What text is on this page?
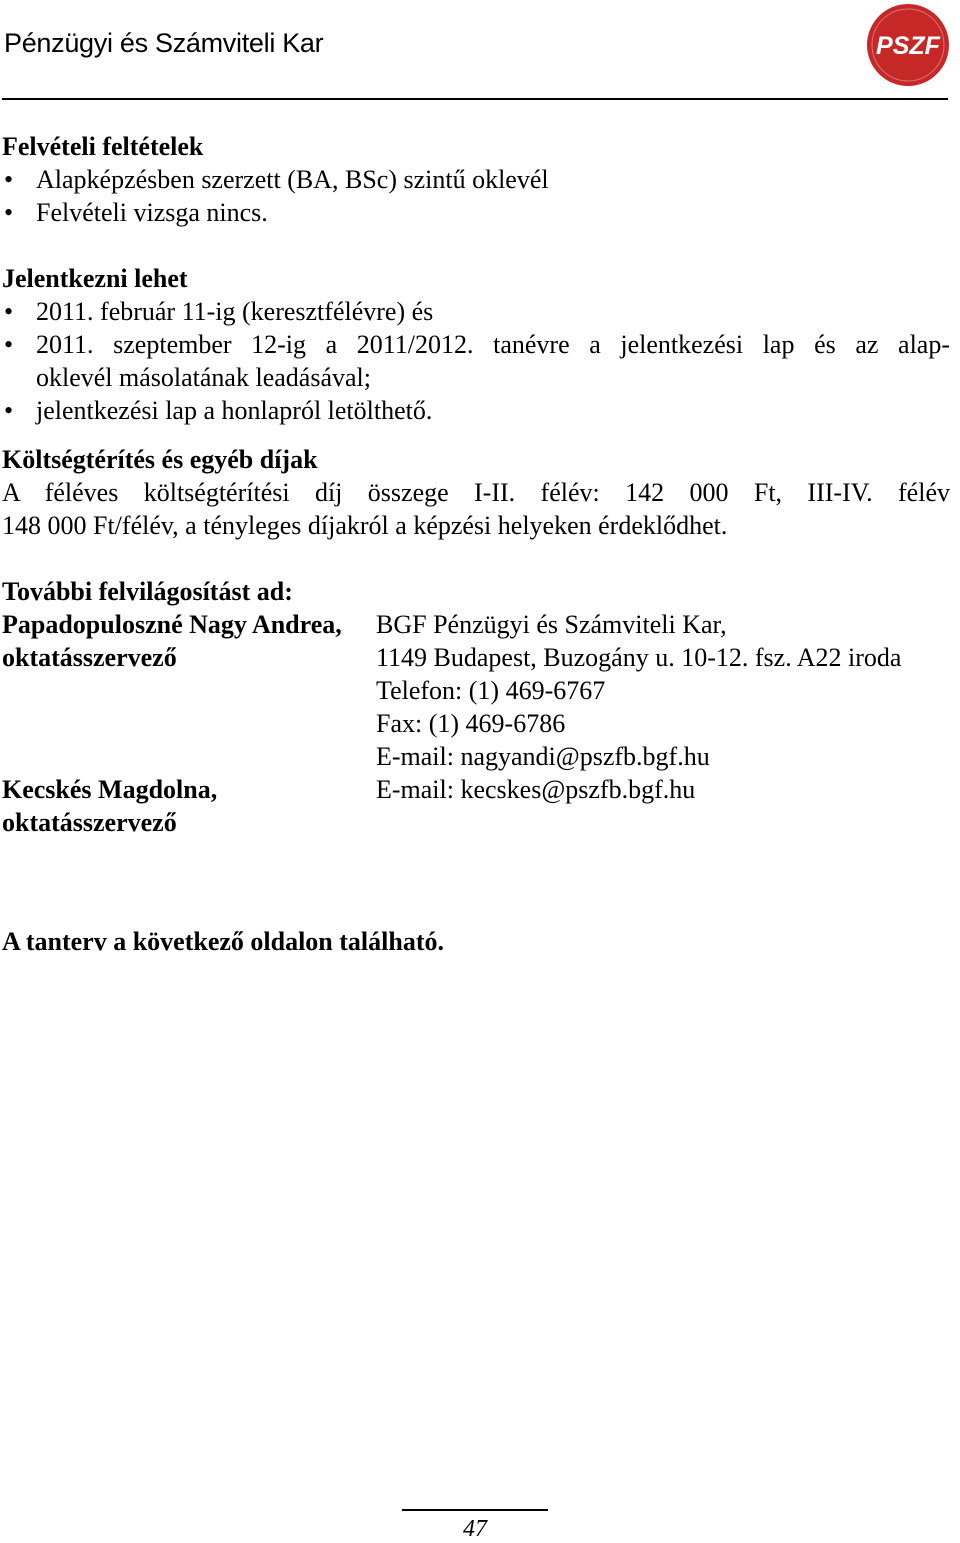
Pénzügyi és Számviteli Kar	PSZF
Felvételi feltételek
• Alapképzésben szerzett (BA, BSc) szintű oklevél
• Felvételi vizsga nincs.
Jelentkezni lehet
• 2011. február 11-ig (keresztfélévre) és
• 2011. szeptember 12-ig a 2011/2012. tanévre a jelentkezési lap és az alap-
oklevél másolatának leadásával;
• jelentkezési lap a honlapról letölthető.
Költségtérítés és egyéb díjak
A féléves költségtérítési díj összege I-II. félév: 142 000 Ft, III-IV. félév
148 000 Ft/félév, a tényleges díjakról a képzési helyeken érdeklődhet.
További felvilágosítást ad:
Papadopuloszné Nagy Andrea,
oktatásszervező
BGF Pénzügyi és Számviteli Kar,
1149 Budapest, Buzogány u. 10-12. fsz. A22 iroda
Telefon: (1) 469-6767
Fax: (1) 469-6786
E-mail: nagyandi@pszfb.bgf.hu
Kecskés Magdolna,
oktatásszervező
E-mail: kecskes@pszfb.bgf.hu
A tanterv a következő oldalon található.
47
